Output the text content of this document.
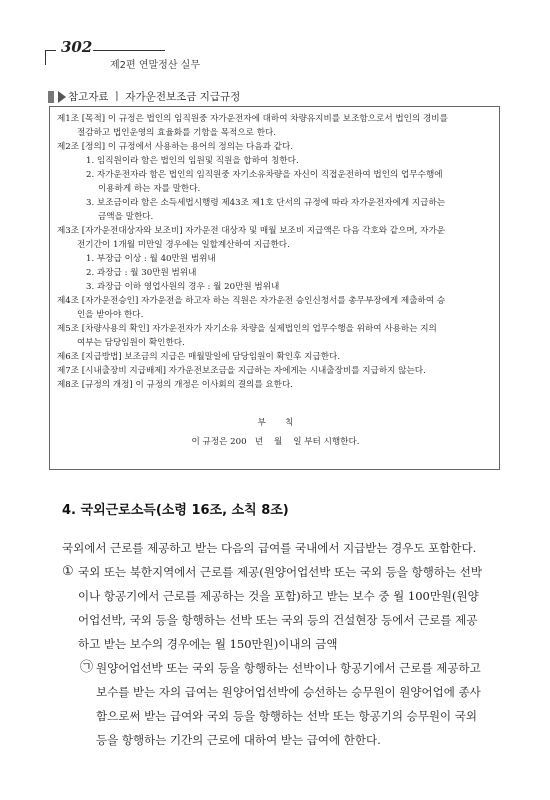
302
제2편 연말정산 실무
참고자료 ㅣ 자가운전보조금 지급규정
제1조 [목적] 이 규정은 법인의 임직원중 자가운전자에 대하여 차량유지비를 보조함으로서 법인의 경비를
절감하고 법인운영의 효율화를 기함을 목적으로 한다.
제2조 [정의] 이 규정에서 사용하는 용어의 정의는 다음과 같다.
1. 임직원이라 함은 법인의 임원및 직원을 합하여 칭한다.
2. 자가운전자라 함은 법인의 임직원중 자기소유차량을 자신이 직접운전하여 법인의 업무수행에
이용하게 하는 자를 말한다.
3. 보조금이라 함은 소득세법시행령 제43조 제1호 단서의 규정에 따라 자가운전자에게 지급하는
금액을 말한다.
제3조 [자가운전대상자와 보조비] 자가운전 대상자 및 매월 보조비 지급액은 다음 각호와 같으며, 자가운
전기간이 1개월 미만일 경우에는 일할계산하여 지급한다.
1. 부장급 이상 : 월 40만원 범위내
2. 과장급 : 월 30만원 범위내
3. 과장급 이하 영업사원의 경우 : 월 20만원 범위내
제4조 [자가운전승인] 자가운전을 하고자 하는 직원은 자가운전 승인신청서를 총무부장에게 제출하여 승
인을 받아야 한다.
제5조 [차량사용의 확인] 자가운전자가 자기소유 차량을 실제법인의 업무수행을 위하여 사용하는 지의
여부는 담당임원이 확인한다.
제6조 [지급방법] 보조금의 지급은 매월말일에 담당임원이 확인후 지급한다.
제7조 [시내출장비 지급배제] 자가운전보조금을 지급하는 자에게는 시내출장비를 지급하지 않는다.
제8조 [규정의 개정] 이 규정의 개정은 이사회의 결의를 요한다.
부       칙
이 규정은 200   년    월    일 부터 시행한다.
4. 국외근로소득(소령 16조, 소칙 8조)
국외에서 근로를 제공하고 받는 다음의 급여를 국내에서 지급받는 경우도 포함한다.
① 국외 또는 북한지역에서 근로를 제공(원양어업선박 또는 국외 등을 항행하는 선박
이나 항공기에서 근로를 제공하는 것을 포함)하고 받는 보수 중 월 100만원(원양
어업선박, 국외 등을 항행하는 선박 또는 국외 등의 건설현장 등에서 근로를 제공
하고 받는 보수의 경우에는 월 150만원)이내의 금액
㉠ 원양어업선박 또는 국외 등을 항행하는 선박이나 항공기에서 근로를 제공하고
보수를 받는 자의 급여는 원양어업선박에 승선하는 승무원이 원양어업에 종사
함으로써 받는 급여와 국외 등을 항행하는 선박 또는 항공기의 승무원이 국외
등을 항행하는 기간의 근로에 대하여 받는 급여에 한한다.
